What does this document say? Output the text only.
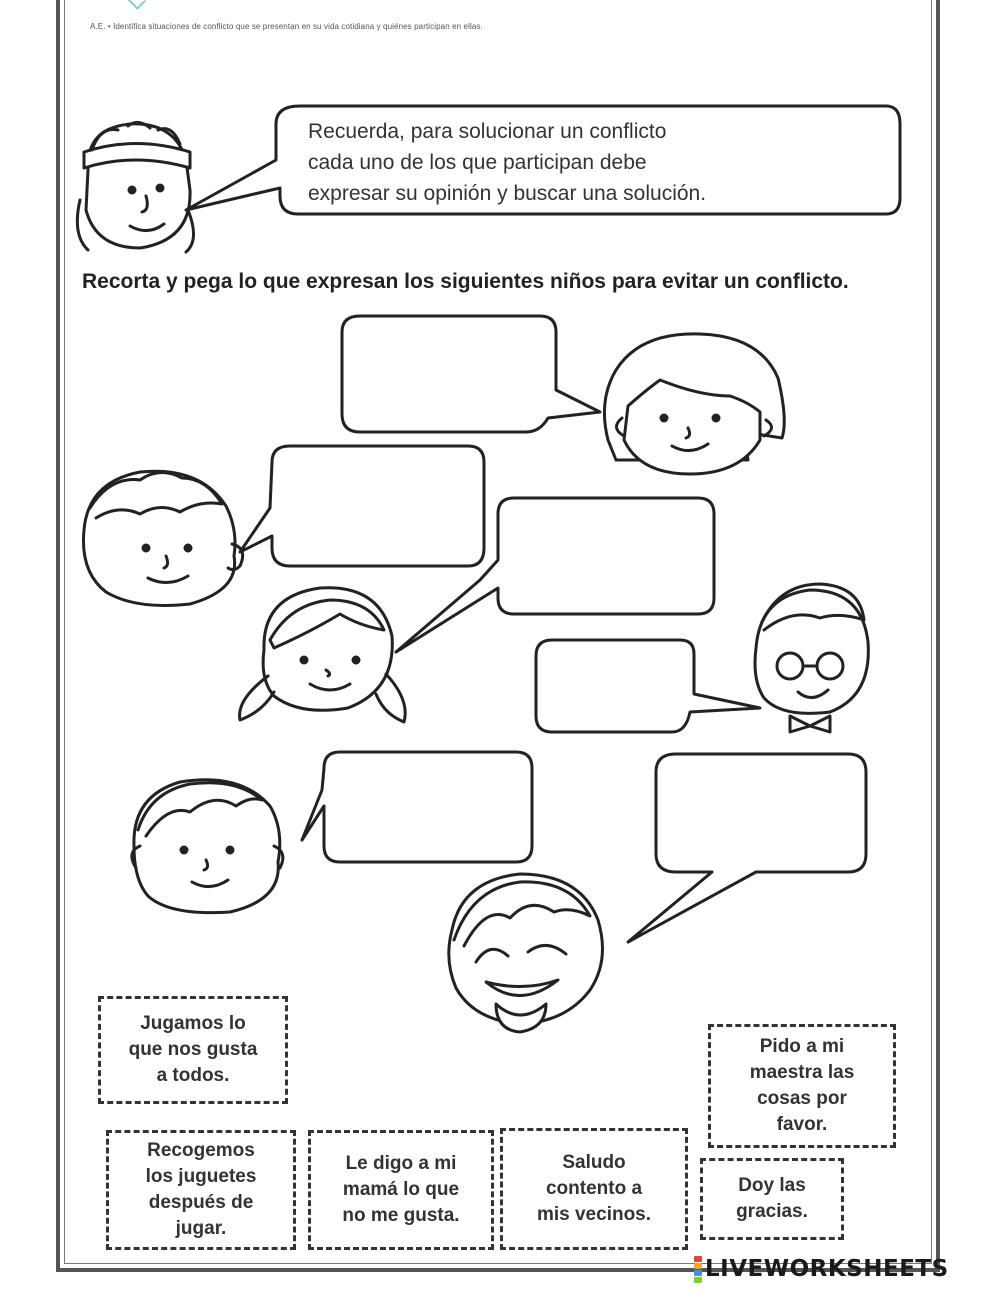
A.E. • Identifica situaciones de conflicto que se presentan en su vida cotidiana y quiénes participan en ellas.
Recuerda, para solucionar un conflicto
cada uno de los que participan debe
expresar su opinión y buscar una solución.
Recorta y pega lo que expresan los siguientes niños para evitar un conflicto.
Jugamos lo
que nos gusta
a todos.
Pido a mi
maestra las
cosas por
favor.
Recogemos
los juguetes
después de
jugar.
Le digo a mi
mamá lo que
no me gusta.
Saludo
contento a
mis vecinos.
Doy las
gracias.
LIVEWORKSHEETS
